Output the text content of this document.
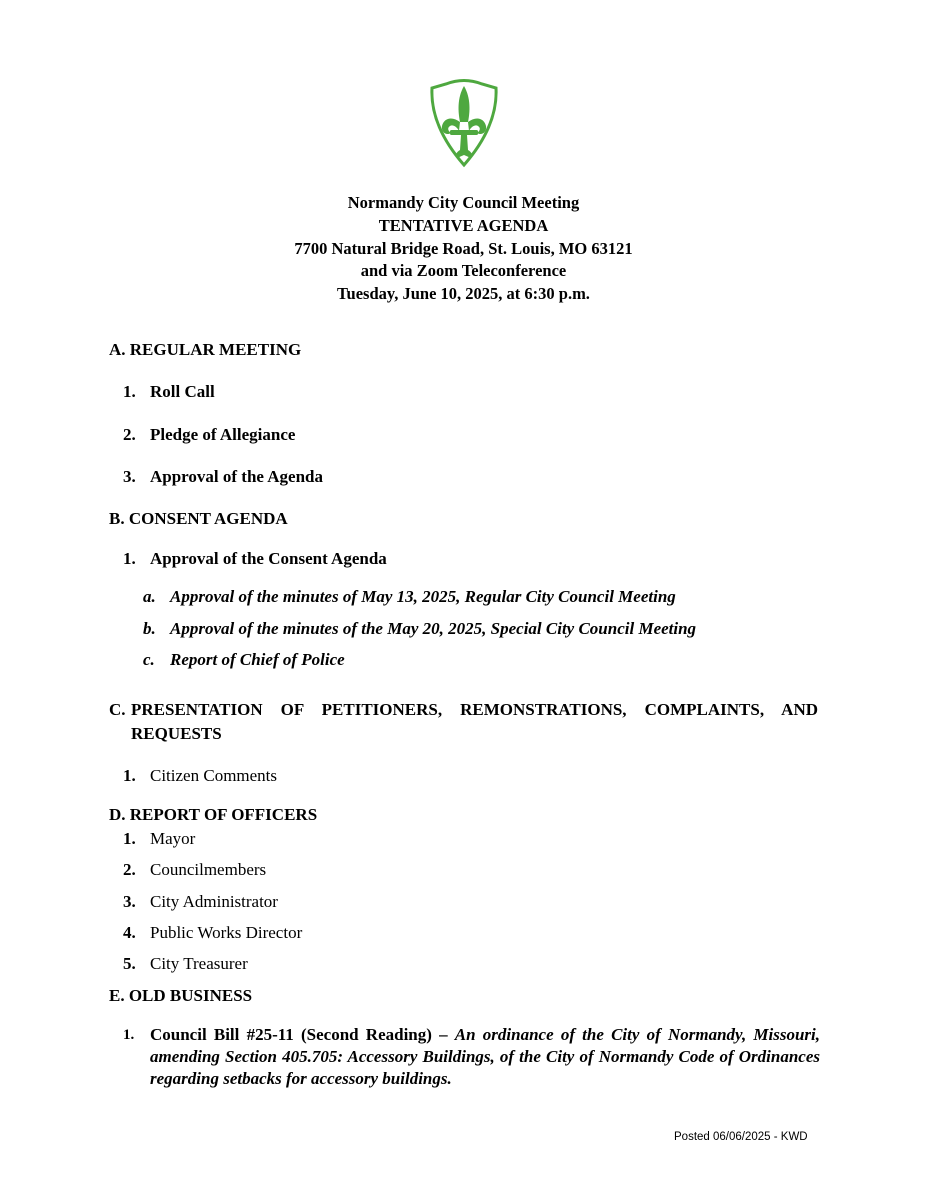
Normandy City Council Meeting
TENTATIVE AGENDA
7700 Natural Bridge Road, St. Louis, MO 63121
and via Zoom Teleconference
Tuesday, June 10, 2025, at 6:30 p.m.
A. REGULAR MEETING
1. Roll Call
2. Pledge of Allegiance
3. Approval of the Agenda
B. CONSENT AGENDA
1. Approval of the Consent Agenda
a. Approval of the minutes of May 13, 2025, Regular City Council Meeting
b. Approval of the minutes of the May 20, 2025, Special City Council Meeting
c. Report of Chief of Police
C. PRESENTATION OF PETITIONERS, REMONSTRATIONS, COMPLAINTS, AND
REQUESTS
1. Citizen Comments
D. REPORT OF OFFICERS
1. Mayor
2. Councilmembers
3. City Administrator
4. Public Works Director
5. City Treasurer
E. OLD BUSINESS
1. Council Bill #25-11 (Second Reading) – An ordinance of the City of Normandy, Missouri, amending Section 405.705: Accessory Buildings, of the City of Normandy Code of Ordinances regarding setbacks for accessory buildings.
Posted 06/06/2025 - KWD
